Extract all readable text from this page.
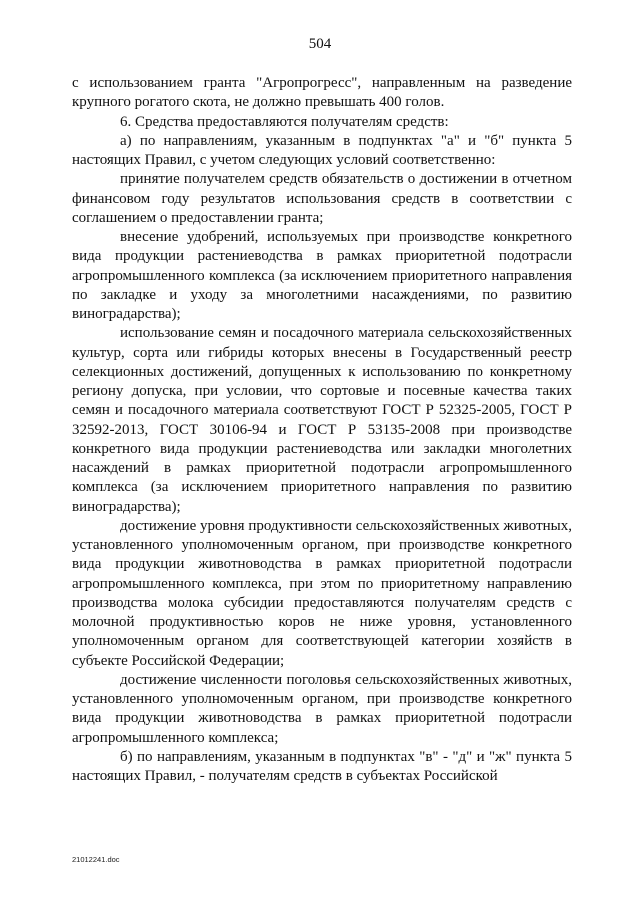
504

с использованием гранта "Агропрогресс", направленным на разведение крупного рогатого скота, не должно превышать 400 голов.

6. Средства предоставляются получателям средств:

а) по направлениям, указанным в подпунктах "а" и "б" пункта 5 настоящих Правил, с учетом следующих условий соответственно:

принятие получателем средств обязательств о достижении в отчетном финансовом году результатов использования средств в соответствии с соглашением о предоставлении гранта;

внесение удобрений, используемых при производстве конкретного вида продукции растениеводства в рамках приоритетной подотрасли агропромышленного комплекса (за исключением приоритетного направления по закладке и уходу за многолетними насаждениями, по развитию виноградарства);

использование семян и посадочного материала сельскохозяйственных культур, сорта или гибриды которых внесены в Государственный реестр селекционных достижений, допущенных к использованию по конкретному региону допуска, при условии, что сортовые и посевные качества таких семян и посадочного материала соответствуют ГОСТ Р 52325-2005, ГОСТ Р 32592-2013, ГОСТ 30106-94 и ГОСТ Р 53135-2008 при производстве конкретного вида продукции растениеводства или закладки многолетних насаждений в рамках приоритетной подотрасли агропромышленного комплекса (за исключением приоритетного направления по развитию виноградарства);

достижение уровня продуктивности сельскохозяйственных животных, установленного уполномоченным органом, при производстве конкретного вида продукции животноводства в рамках приоритетной подотрасли агропромышленного комплекса, при этом по приоритетному направлению производства молока субсидии предоставляются получателям средств с молочной продуктивностью коров не ниже уровня, установленного уполномоченным органом для соответствующей категории хозяйств в субъекте Российской Федерации;

достижение численности поголовья сельскохозяйственных животных, установленного уполномоченным органом, при производстве конкретного вида продукции животноводства в рамках приоритетной подотрасли агропромышленного комплекса;

б) по направлениям, указанным в подпунктах "в" - "д" и "ж" пункта 5 настоящих Правил, - получателям средств в субъектах Российской

21012241.doc
